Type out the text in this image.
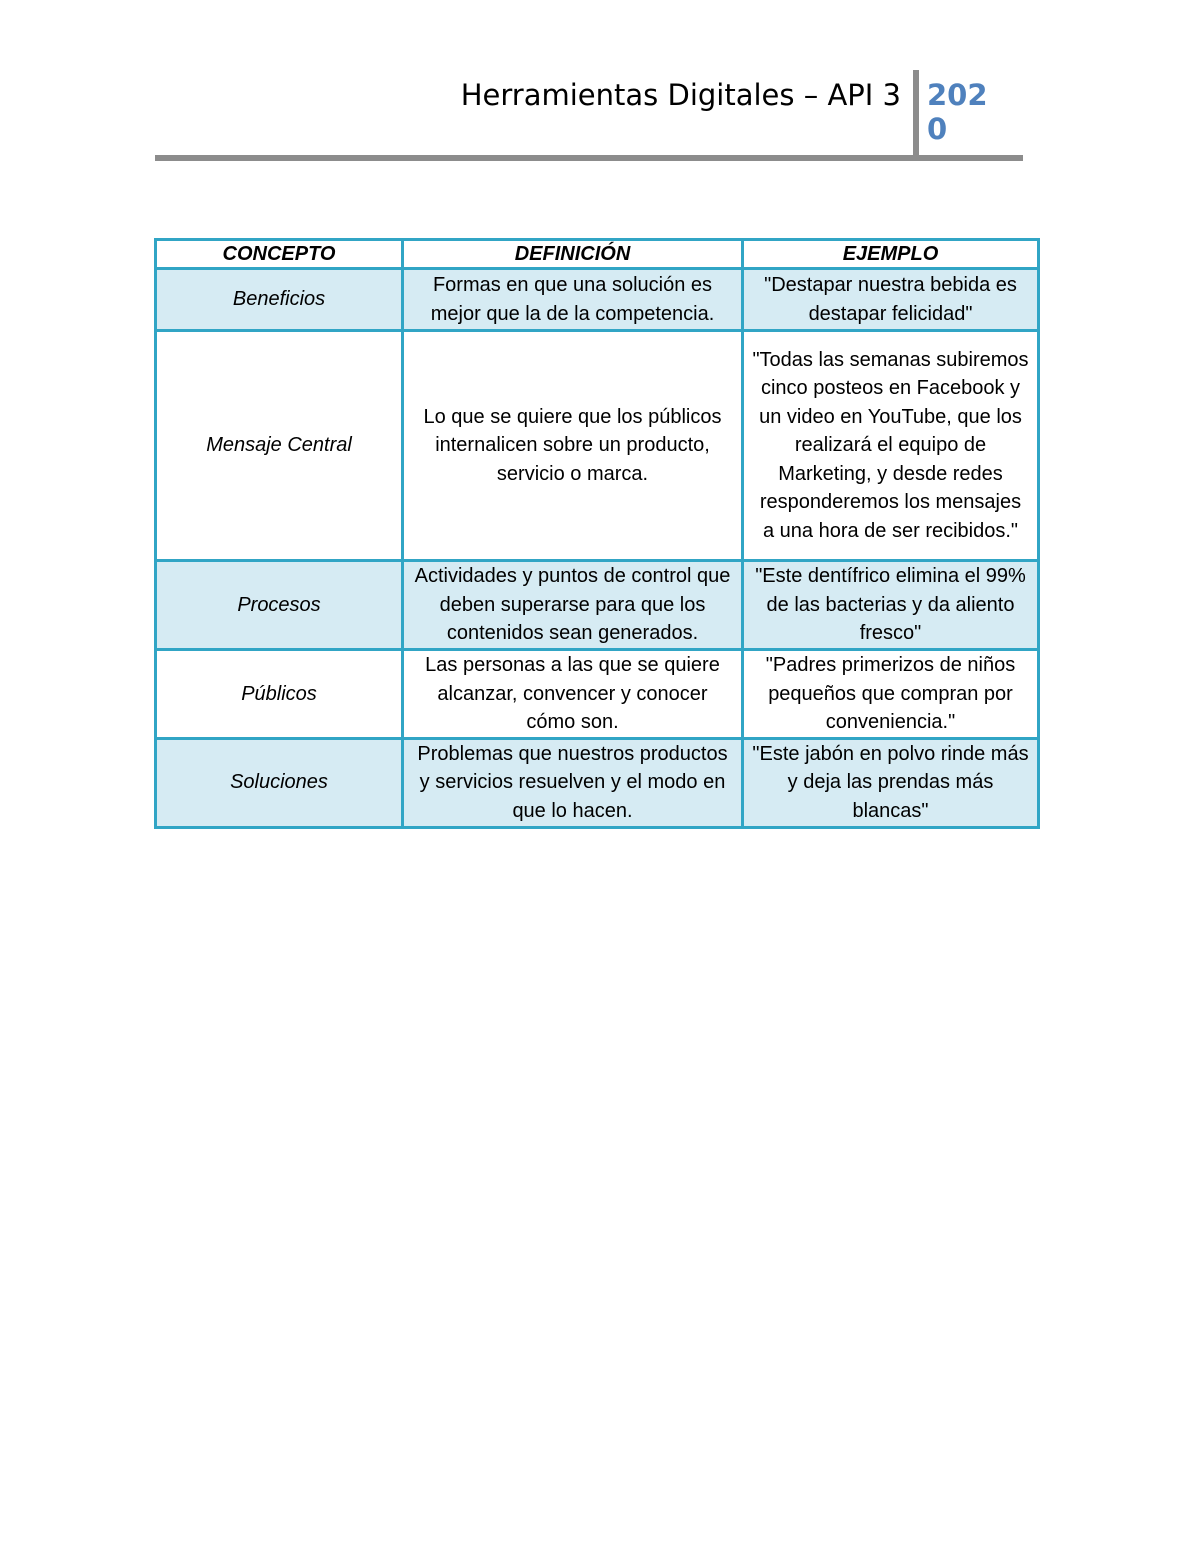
Herramientas Digitales – API 3 2020
CONCEPTO	DEFINICIÓN	EJEMPLO
Beneficios	Formas en que una solución es mejor que la de la competencia.	"Destapar nuestra bebida es destapar felicidad"
Mensaje Central	Lo que se quiere que los públicos internalicen sobre un producto, servicio o marca.	"Todas las semanas subiremos cinco posteos en Facebook y un video en YouTube, que los realizará el equipo de Marketing, y desde redes responderemos los mensajes a una hora de ser recibidos."
Procesos	Actividades y puntos de control que deben superarse para que los contenidos sean generados.	"Este dentífrico elimina el 99% de las bacterias y da aliento fresco"
Públicos	Las personas a las que se quiere alcanzar, convencer y conocer cómo son.	"Padres primerizos de niños pequeños que compran por conveniencia."
Soluciones	Problemas que nuestros productos y servicios resuelven y el modo en que lo hacen.	"Este jabón en polvo rinde más y deja las prendas más blancas"
